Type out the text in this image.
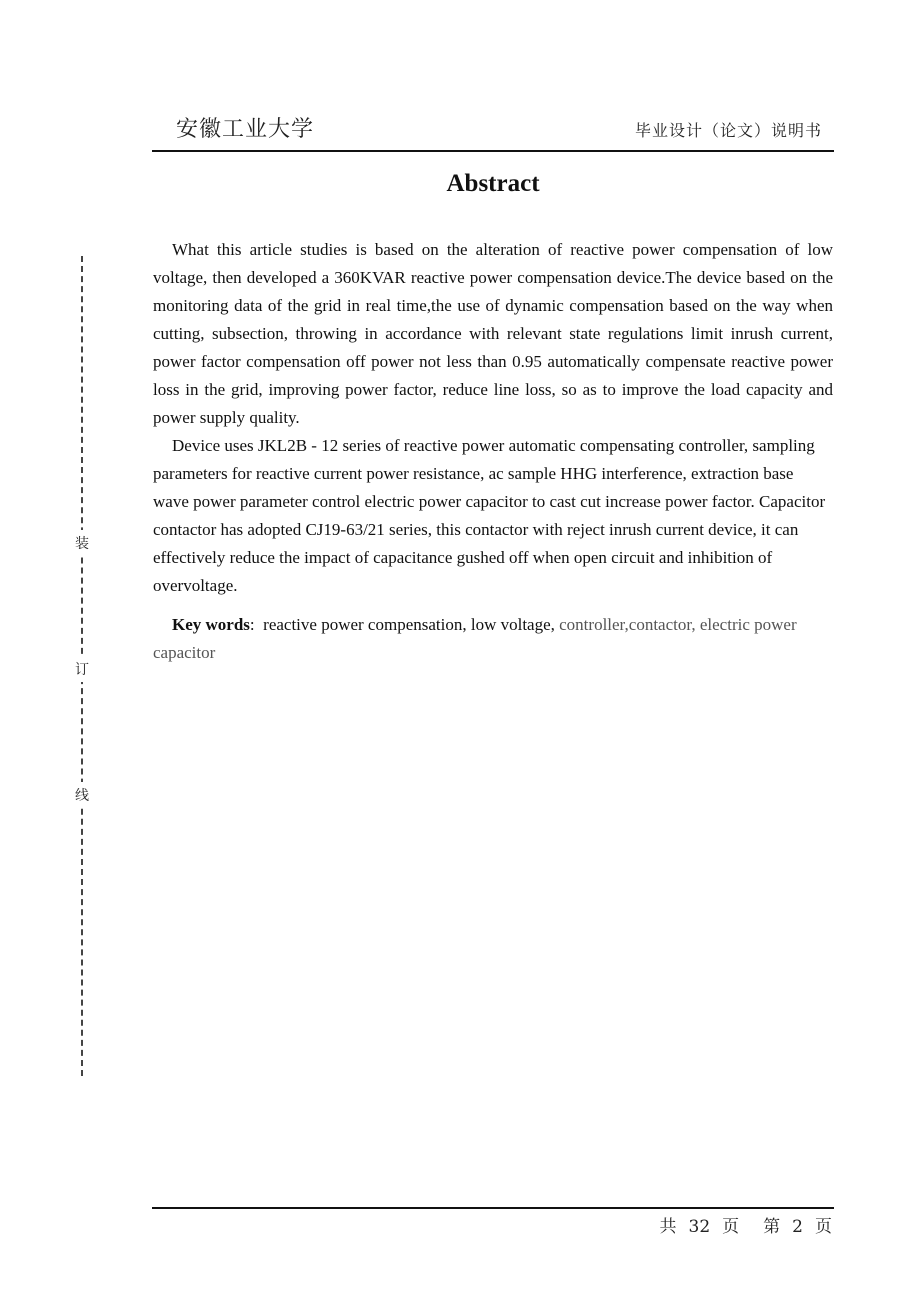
安徽工业大学	毕业设计（论文）说明书
装
订
线
Abstract

What this article studies is based on the alteration of reactive power compensation of low voltage, then developed a 360KVAR reactive power compensation device.The device based on the monitoring data of the grid in real time,the use of dynamic compensation based on the way when cutting, subsection, throwing in accordance with relevant state regulations limit inrush current, power factor compensation off power not less than 0.95 automatically compensate reactive power loss in the grid, improving power factor, reduce line loss, so as to improve the load capacity and power supply quality.

Device uses JKL2B - 12 series of reactive power automatic compensating controller, sampling parameters for reactive current power resistance, ac sample HHG interference, extraction base wave power parameter control electric power capacitor to cast cut increase power factor. Capacitor contactor has adopted CJ19-63/21 series, this contactor with reject inrush current device, it can effectively reduce the impact of capacitance gushed off when open circuit and inhibition of overvoltage.

Key words: reactive power compensation, low voltage, controller,contactor, electric power capacitor

共 32 页 第 2 页
